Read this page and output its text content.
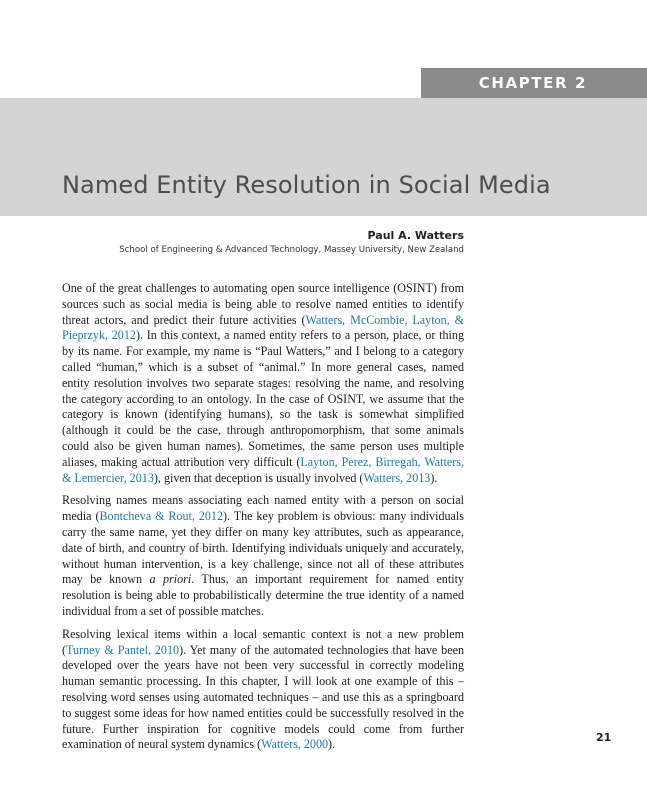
CHAPTER 2
Named Entity Resolution in Social Media

Paul A. Watters

School of Engineering & Advanced Technology, Massey University, New Zealand

One of the great challenges to automating open source intelligence (OSINT) from sources such as social media is being able to resolve named entities to identify threat actors, and predict their future activities (Watters, McCombie, Layton, & Pieprzyk, 2012). In this context, a named entity refers to a person, place, or thing by its name. For example, my name is “Paul Watters,” and I belong to a category called “human,” which is a subset of “animal.” In more general cases, named entity resolution involves two separate stages: resolving the name, and resolving the category according to an ontology. In the case of OSINT, we assume that the category is known (identifying humans), so the task is somewhat simplified (although it could be the case, through anthropomorphism, that some animals could also be given human names). Sometimes, the same person uses multiple aliases, making actual attribution very difficult (Layton, Perez, Birregah, Watters, & Lemercier, 2013), given that deception is usually involved (Watters, 2013).

Resolving names means associating each named entity with a person on social media (Bontcheva & Rout, 2012). The key problem is obvious: many individuals carry the same name, yet they differ on many key attributes, such as appearance, date of birth, and country of birth. Identifying individuals uniquely and accurately, without human intervention, is a key challenge, since not all of these attributes may be known a priori. Thus, an important requirement for named entity resolution is being able to probabilistically determine the true identity of a named individual from a set of possible matches.

Resolving lexical items within a local semantic context is not a new problem (Turney & Pantel, 2010). Yet many of the automated technologies that have been developed over the years have not been very successful in correctly modeling human semantic processing. In this chapter, I will look at one example of this – resolving word senses using automated techniques – and use this as a springboard to suggest some ideas for how named entities could be successfully resolved in the future. Further inspiration for cognitive models could come from further examination of neural system dynamics (Watters, 2000).	21
